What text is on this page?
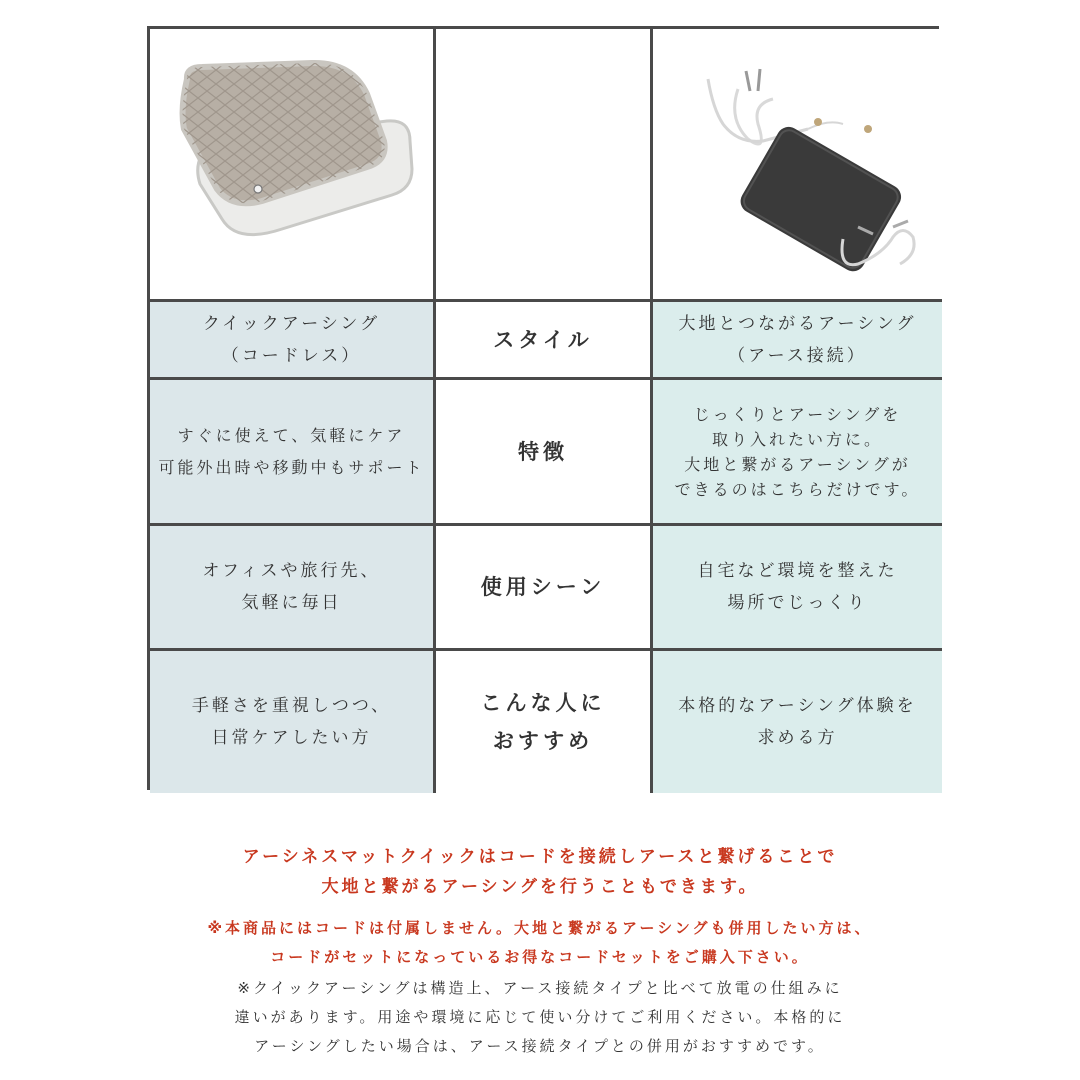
クイックアーシング
（コードレス）
スタイル
大地とつながるアーシング
（アース接続）
すぐに使えて、気軽にケア
可能外出時や移動中もサポート
特徴
じっくりとアーシングを
取り入れたい方に。
大地と繋がるアーシングが
できるのはこちらだけです。
オフィスや旅行先、
気軽に毎日
使用シーン
自宅など環境を整えた
場所でじっくり
手軽さを重視しつつ、
日常ケアしたい方
こんな人に
おすすめ
本格的なアーシング体験を
求める方
アーシネスマットクイックはコードを接続しアースと繋げることで
大地と繋がるアーシングを行うこともできます。
※本商品にはコードは付属しません。大地と繋がるアーシングも併用したい方は、
コードがセットになっているお得なコードセットをご購入下さい。
※クイックアーシングは構造上、アース接続タイプと比べて放電の仕組みに
違いがあります。用途や環境に応じて使い分けてご利用ください。本格的に
アーシングしたい場合は、アース接続タイプとの併用がおすすめです。
